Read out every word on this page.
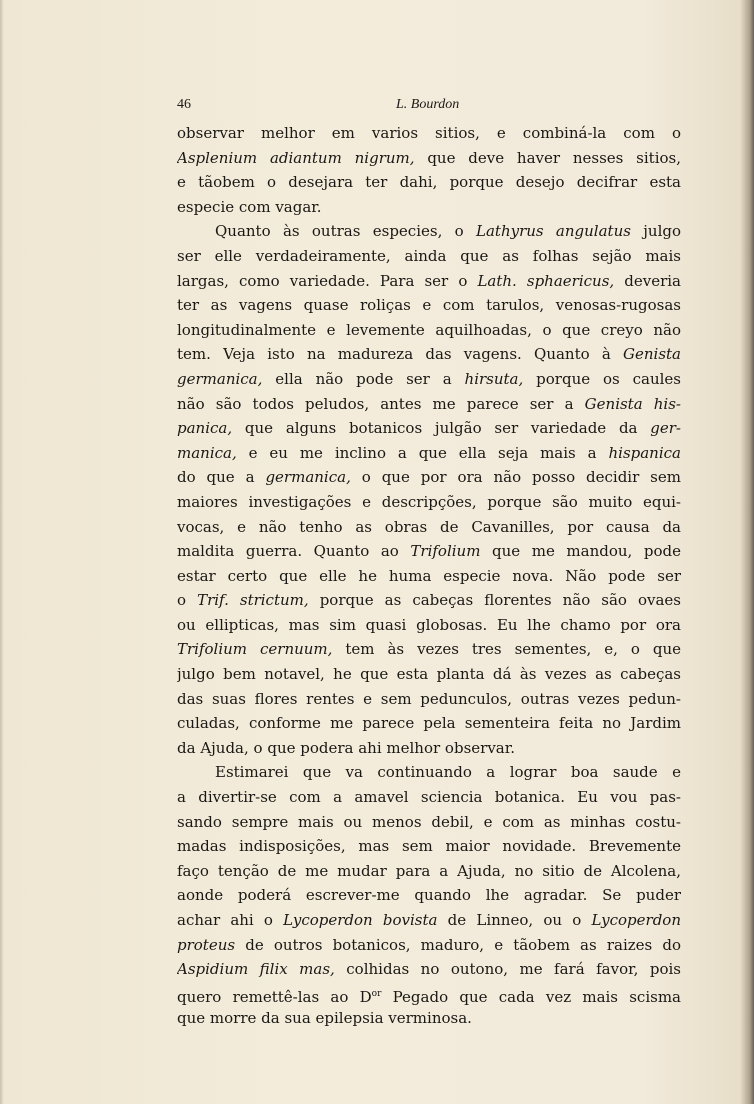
46	L. Bourdon
observar melhor em varios sitios, e combiná-la com o
Asplenium adiantum nigrum, que deve haver nesses sitios,
e tãobem o desejara ter dahi, porque desejo decifrar esta
especie com vagar.
Quanto às outras especies, o Lathyrus angulatus julgo
ser elle verdadeiramente, ainda que as folhas sejão mais
largas, como variedade. Para ser o Lath. sphaericus, deveria
ter as vagens quase roliças e com tarulos, venosas-rugosas
longitudinalmente e levemente aquilhoadas, o que creyo não
tem. Veja isto na madureza das vagens. Quanto à Genista
germanica, ella não pode ser a hirsuta, porque os caules
não são todos peludos, antes me parece ser a Genista his-
panica, que alguns botanicos julgão ser variedade da ger-
manica, e eu me inclino a que ella seja mais a hispanica
do que a germanica, o que por ora não posso decidir sem
maiores investigações e descripções, porque são muito equi-
vocas, e não tenho as obras de Cavanilles, por causa da
maldita guerra. Quanto ao Trifolium que me mandou, pode
estar certo que elle he huma especie nova. Não pode ser
o Trif. strictum, porque as cabeças florentes não são ovaes
ou ellipticas, mas sim quasi globosas. Eu lhe chamo por ora
Trifolium cernuum, tem às vezes tres sementes, e, o que
julgo bem notavel, he que esta planta dá às vezes as cabeças
das suas flores rentes e sem pedunculos, outras vezes pedun-
culadas, conforme me parece pela sementeira feita no Jardim
da Ajuda, o que podera ahi melhor observar.
Estimarei que va continuando a lograr boa saude e
a divertir-se com a amavel sciencia botanica. Eu vou pas-
sando sempre mais ou menos debil, e com as minhas costu-
madas indisposições, mas sem maior novidade. Brevemente
faço tenção de me mudar para a Ajuda, no sitio de Alcolena,
aonde poderá escrever-me quando lhe agradar. Se puder
achar ahi o Lycoperdon bovista de Linneo, ou o Lycoperdon
proteus de outros botanicos, maduro, e tãobem as raizes do
Aspidium filix mas, colhidas no outono, me fará favor, pois
quero remettê-las ao $D^{or}$ Pegado que cada vez mais scisma
que morre da sua epilepsia verminosa.
